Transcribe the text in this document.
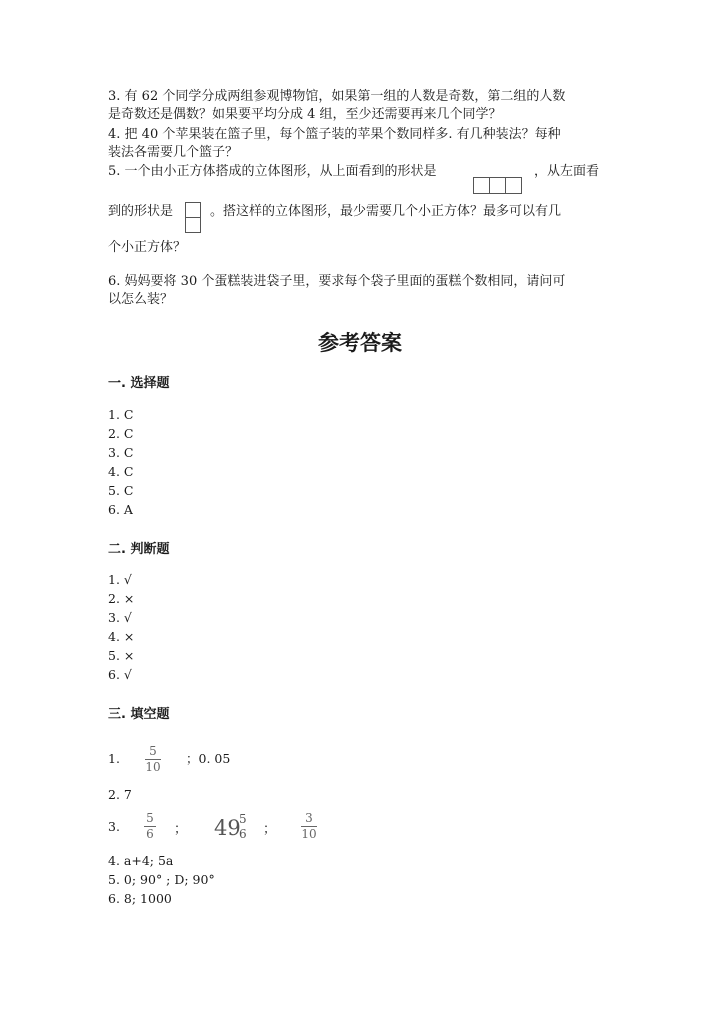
3. 有 62 个同学分成两组参观博物馆，如果第一组的人数是奇数，第二组的人数
是奇数还是偶数？如果要平均分成 4 组，至少还需要再来几个同学？
4. 把 40 个苹果装在篮子里，每个篮子装的苹果个数同样多. 有几种装法？每种
装法各需要几个篮子？
5. 一个由小正方体搭成的立体图形，从上面看到的形状是	，从左面看
到的形状是	。搭这样的立体图形，最少需要几个小正方体？最多可以有几
个小正方体？
6. 妈妈要将 30 个蛋糕装进袋子里，要求每个袋子里面的蛋糕个数相同，请问可
以怎么装？
参考答案
一. 选择题
1. C
2. C
3. C
4. C
5. C
6. A
二. 判断题
1. √
2. ×
3. √
4. ×
5. ×
6. √
三. 填空题
1.	5
10
；0. 05
2. 7
3.
5
6 ； 49
5
6 ；
3
10
4. a+4; 5a
5. 0; 90° ; D; 90°
6. 8; 1000
